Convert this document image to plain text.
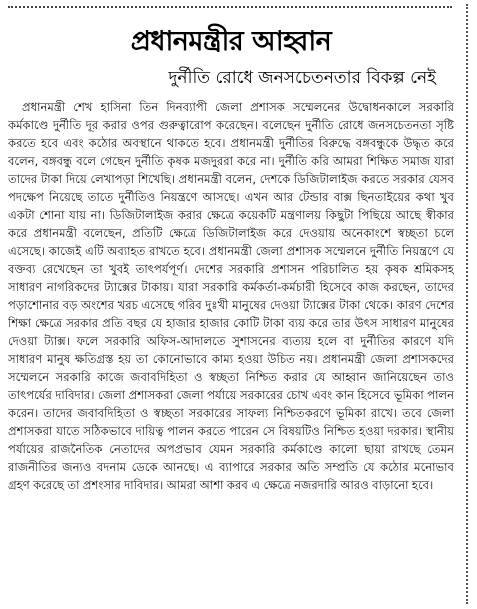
প্রধানমন্ত্রীর আহ্বান
দুর্নীতি রোধে জনসচেতনতার বিকল্প নেই

প্রধানমন্ত্রী শেখ হাসিনা তিন দিনব্যাপী জেলা প্রশাসক সম্মেলনের উদ্বোধনকালে সরকারি কর্মকাণ্ডে দুর্নীতি দূর করার ওপর গুরুত্বারোপ করেছেন। বলেছেন দুর্নীতি রোধে জনসচেতনতা সৃষ্টি করতে হবে এবং কঠোর অবস্থানে থাকতে হবে। প্রধানমন্ত্রী দুর্নীতির বিরুদ্ধে বঙ্গবন্ধুকে উদ্ধৃত করে বলেন, বঙ্গবন্ধু বলে গেছেন দুর্নীতি কৃষক মজদুররা করে না। দুর্নীতি করি আমরা শিক্ষিত সমাজ যারা তাদের টাকা দিয়ে লেখাপড়া শিখেছি। প্রধানমন্ত্রী বলেন, দেশকে ডিজিটালাইজ করতে সরকার যেসব পদক্ষেপ নিয়েছে তাতে দুর্নীতিও নিয়ন্ত্রণে আসছে। এখন আর টেন্ডার বাক্স ছিনতাইয়ের কথা খুব একটা শোনা যায় না। ডিজিটালাইজ করার ক্ষেত্রে কয়েকটি মন্ত্রণালয় কিছুটা পিছিয়ে আছে স্বীকার করে প্রধানমন্ত্রী বলেছেন, প্রতিটি ক্ষেত্রে ডিজিটালাইজ করে দেওয়ায় অনেকাংশে স্বচ্ছতা চলে এসেছে। কাজেই এটি অব্যাহত রাখতে হবে। প্রধানমন্ত্রী জেলা প্রশাসক সম্মেলনে দুর্নীতি নিয়ন্ত্রণে যে বক্তব্য রেখেছেন তা খুবই তাৎপর্যপূর্ণ। দেশের সরকারি প্রশাসন পরিচালিত হয় কৃষক শ্রমিকসহ সাধারণ নাগরিকদের ট্যাক্সের টাকায়। যারা সরকারি কর্মকর্তা-কর্মচারী হিসেবে কাজ করছেন, তাদের পড়াশোনার বড় অংশের খরচ এসেছে গরিব দুঃখী মানুষের দেওয়া ট্যাক্সের টাকা থেকে। কারণ দেশের শিক্ষা ক্ষেত্রে সরকার প্রতি বছর যে হাজার হাজার কোটি টাকা ব্যয় করে তার উৎস সাধারণ মানুষের দেওয়া ট্যাক্স। ফলে সরকারি অফিস-আদালতে সুশাসনের ব্যত্যয় হলে বা দুর্নীতির কারণে যদি সাধারণ মানুষ ক্ষতিগ্রস্ত হয় তা কোনোভাবে কাম্য হওয়া উচিত নয়। প্রধানমন্ত্রী জেলা প্রশাসকদের সম্মেলনে সরকারি কাজে জবাবদিহিতা ও স্বচ্ছতা নিশ্চিত করার যে আহ্বান জানিয়েছেন তাও তাৎপর্যের দাবিদার। জেলা প্রশাসকরা জেলা পর্যায়ে সরকারের চোখ এবং কান হিসেবে ভূমিকা পালন করেন। তাদের জবাবদিহিতা ও স্বচ্ছতা সরকারের সাফল্য নিশ্চিতকরণে ভূমিকা রাখে। তবে জেলা প্রশাসকরা যাতে সঠিকভাবে দায়িত্ব পালন করতে পারেন সে বিষয়টিও নিশ্চিত হওয়া দরকার। স্থানীয় পর্যায়ের রাজনৈতিক নেতাদের অপপ্রভাব যেমন সরকারি কর্মকাণ্ডে কালো ছায়া রাখছে তেমন রাজনীতির জন্যও বদনাম ডেকে আনছে। এ ব্যাপারে সরকার অতি সম্প্রতি যে কঠোর মনোভাব গ্রহণ করেছে তা প্রশংসার দাবিদার। আমরা আশা করব এ ক্ষেত্রে নজরদারি আরও বাড়ানো হবে।
